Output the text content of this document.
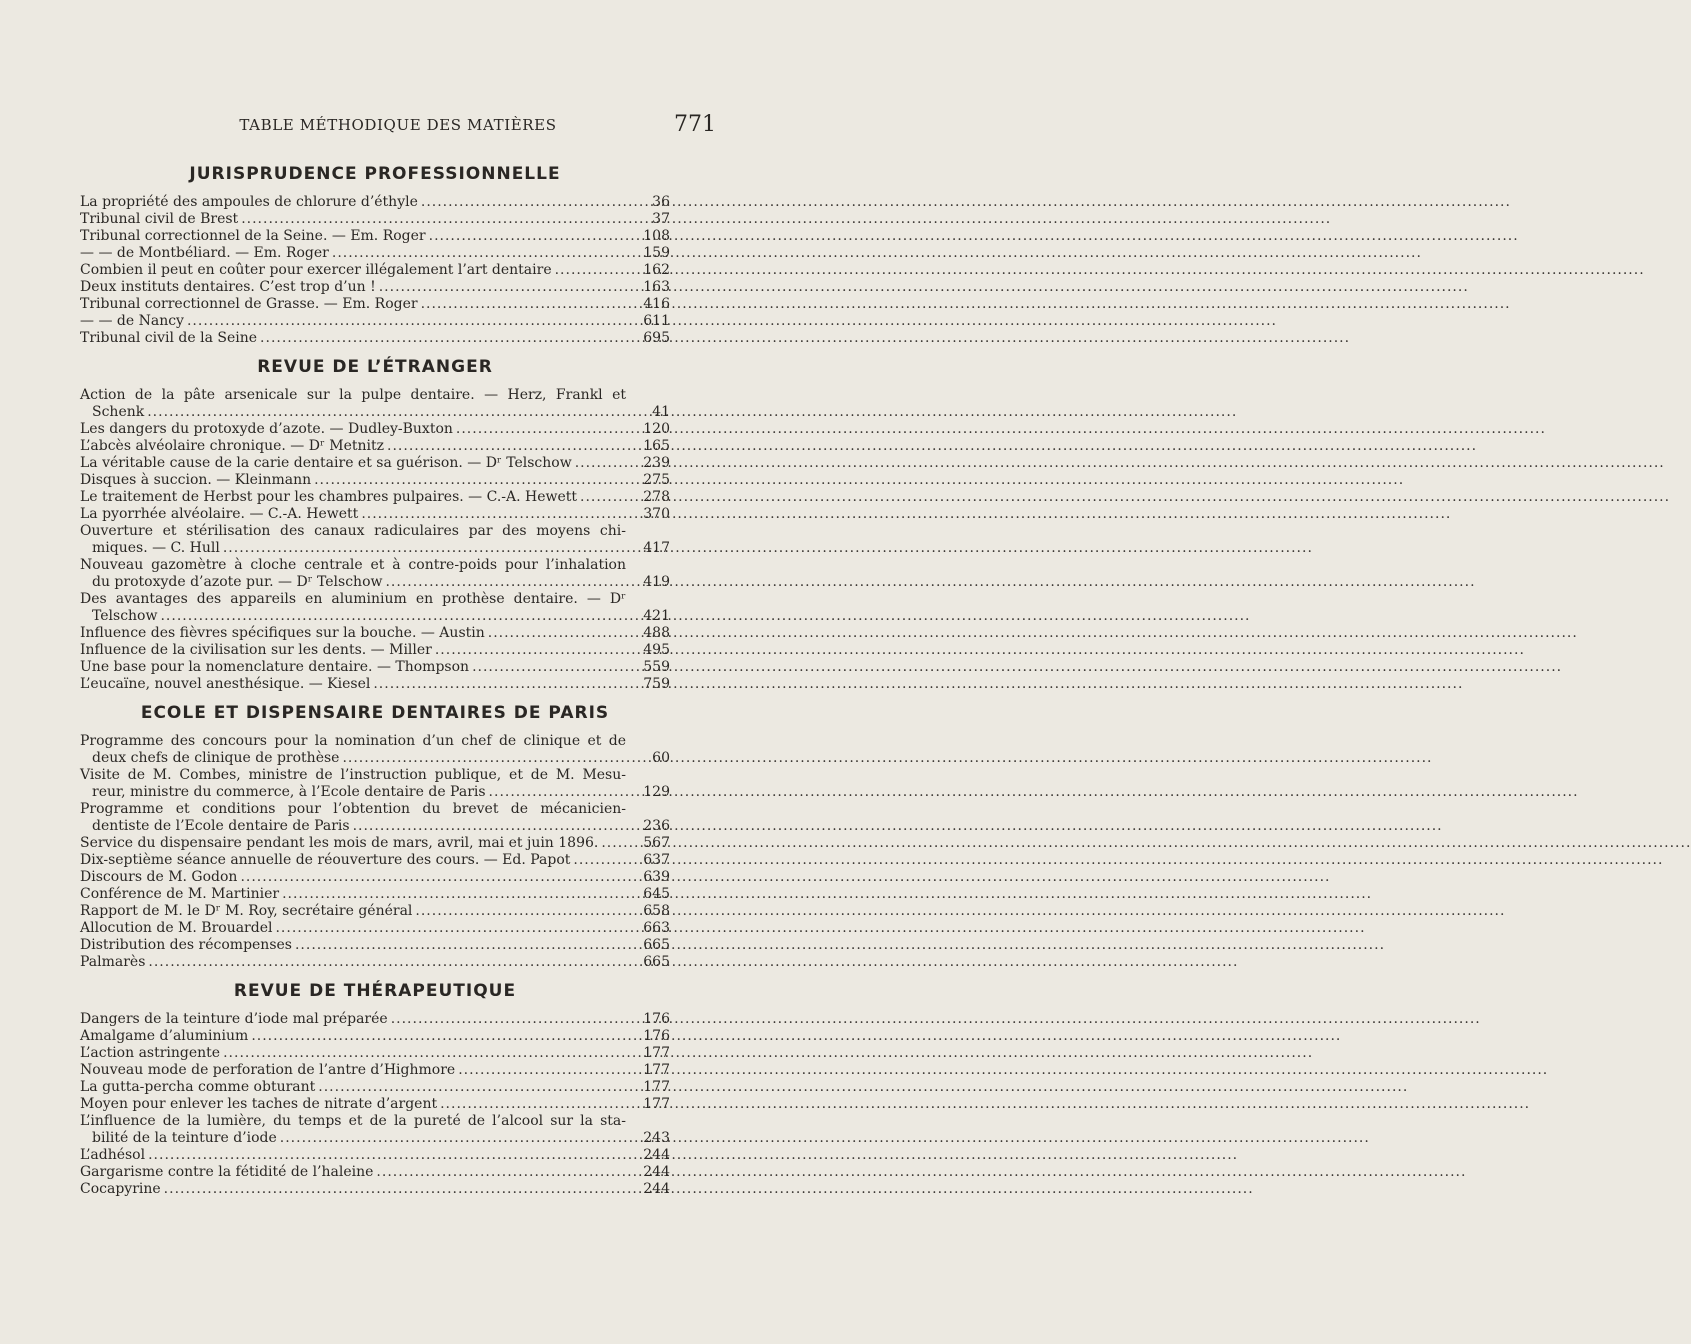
TABLE MÉTHODIQUE DES MATIÈRES	771
JURISPRUDENCE PROFESSIONNELLE
La propriété des ampoules de chlorure d’éthyle .....	36
Tribunal civil de Brest .....	37
Tribunal correctionnel de la Seine. — Em. Roger .....	108
— — de Montbéliard. — Em. Roger .....	159
Combien il peut en coûter pour exercer illégalement l’art dentaire .....	162
Deux instituts dentaires. C’est trop d’un ! .....	163
Tribunal correctionnel de Grasse. — Em. Roger .....	416
— — de Nancy .....	611
Tribunal civil de la Seine .....	695
REVUE DE L’ÉTRANGER
Action de la pâte arsenicale sur la pulpe dentaire. — Herz, Frankl et
Schenk .....	41
Les dangers du protoxyde d’azote. — Dudley-Buxton .....	120
L’abcès alvéolaire chronique. — Dʳ Metnitz .....	165
La véritable cause de la carie dentaire et sa guérison. — Dʳ Telschow .....	239
Disques à succion. — Kleinmann .....	275
Le traitement de Herbst pour les chambres pulpaires. — C.-A. Hewett .....	278
La pyorrhée alvéolaire. — C.-A. Hewett .....	370
Ouverture et stérilisation des canaux radiculaires par des moyens chi-
miques. — C. Hull .....	417
Nouveau gazomètre à cloche centrale et à contre-poids pour l’inhalation
du protoxyde d’azote pur. — Dʳ Telschow .....	419
Des avantages des appareils en aluminium en prothèse dentaire. — Dʳ
Telschow .....	421
Influence des fièvres spécifiques sur la bouche. — Austin .....	488
Influence de la civilisation sur les dents. — Miller .....	495
Une base pour la nomenclature dentaire. — Thompson .....	559
L’eucaïne, nouvel anesthésique. — Kiesel .....	759
ECOLE ET DISPENSAIRE DENTAIRES DE PARIS
Programme des concours pour la nomination d’un chef de clinique et de
deux chefs de clinique de prothèse .....	60
Visite de M. Combes, ministre de l’instruction publique, et de M. Mesu-
reur, ministre du commerce, à l’Ecole dentaire de Paris .....	129
Programme et conditions pour l’obtention du brevet de mécanicien-
dentiste de l’Ecole dentaire de Paris .....	236
Service du dispensaire pendant les mois de mars, avril, mai et juin 1896. .....	567
Dix-septième séance annuelle de réouverture des cours. — Ed. Papot .....	637
Discours de M. Godon .....	639
Conférence de M. Martinier .....	645
Rapport de M. le Dʳ M. Roy, secrétaire général .....	658
Allocution de M. Brouardel .....	663
Distribution des récompenses .....	665
Palmarès .....	665
REVUE DE THÉRAPEUTIQUE
Dangers de la teinture d’iode mal préparée .....	176
Amalgame d’aluminium .....	176
L’action astringente .....	177
Nouveau mode de perforation de l’antre d’Highmore .....	177
La gutta-percha comme obturant .....	177
Moyen pour enlever les taches de nitrate d’argent .....	177
L’influence de la lumière, du temps et de la pureté de l’alcool sur la sta-
bilité de la teinture d’iode .....	243
L’adhésol .....	244
Gargarisme contre la fétidité de l’haleine .....	244
Cocapyrine .....	244
